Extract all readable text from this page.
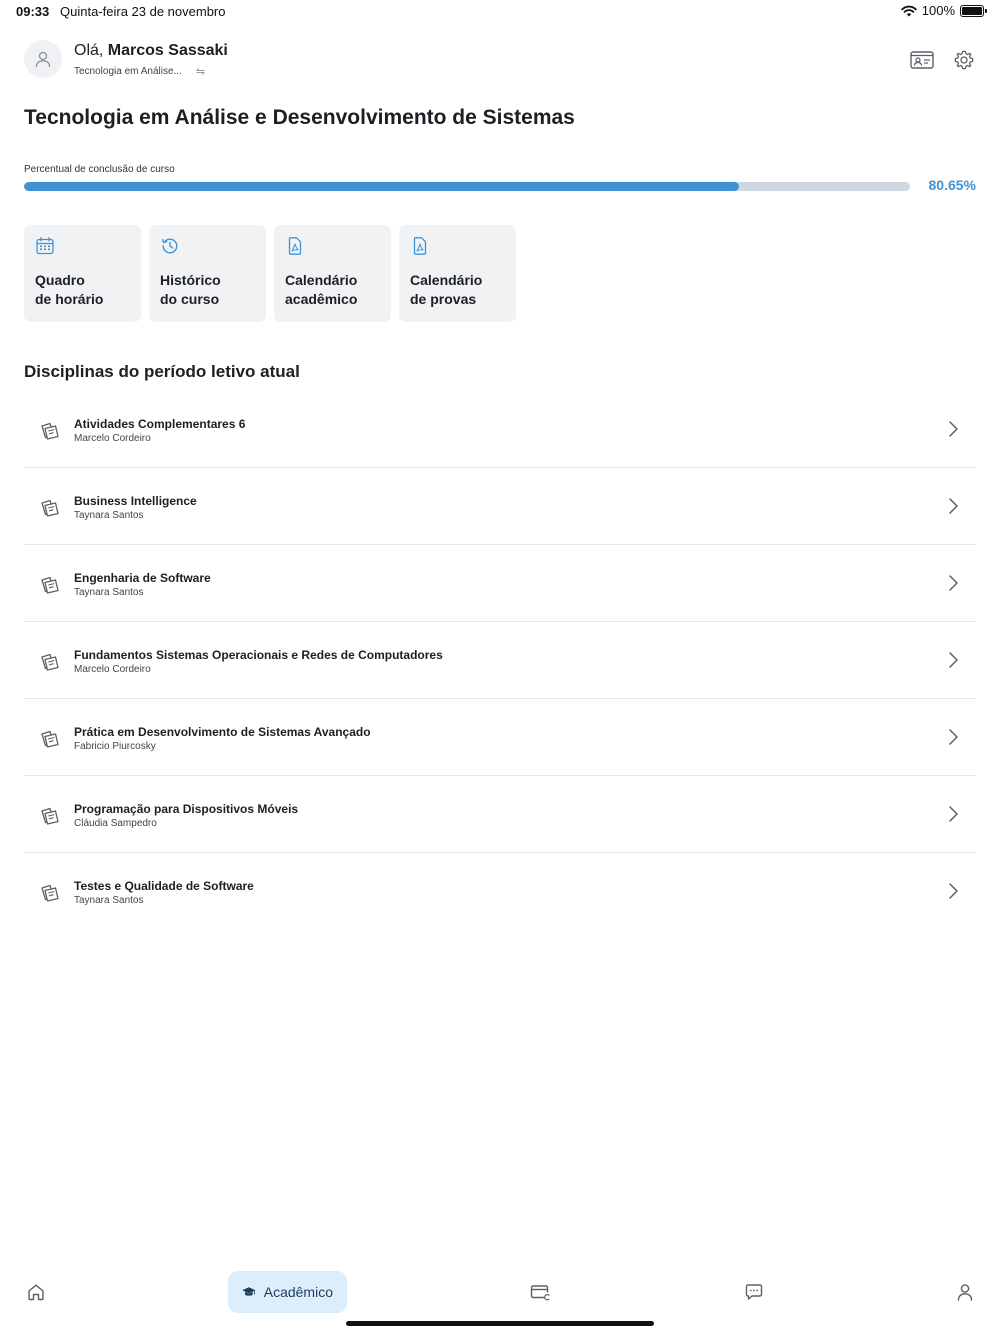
09:33 Quinta-feira 23 de novembro	100%
Olá, Marcos Sassaki
Tecnologia em Análise... ⇋
Tecnologia em Análise e Desenvolvimento de Sistemas
Percentual de conclusão de curso
80.65%
Quadro
de horário
Histórico
do curso
Calendário
acadêmico
Calendário
de provas
Disciplinas do período letivo atual
Atividades Complementares 6
Marcelo Cordeiro
Business Intelligence
Taynara Santos
Engenharia de Software
Taynara Santos
Fundamentos Sistemas Operacionais e Redes de Computadores
Marcelo Cordeiro
Prática em Desenvolvimento de Sistemas Avançado
Fabricio Piurcosky
Programação para Dispositivos Móveis
Cláudia Sampedro
Testes e Qualidade de Software
Taynara Santos
Acadêmico
